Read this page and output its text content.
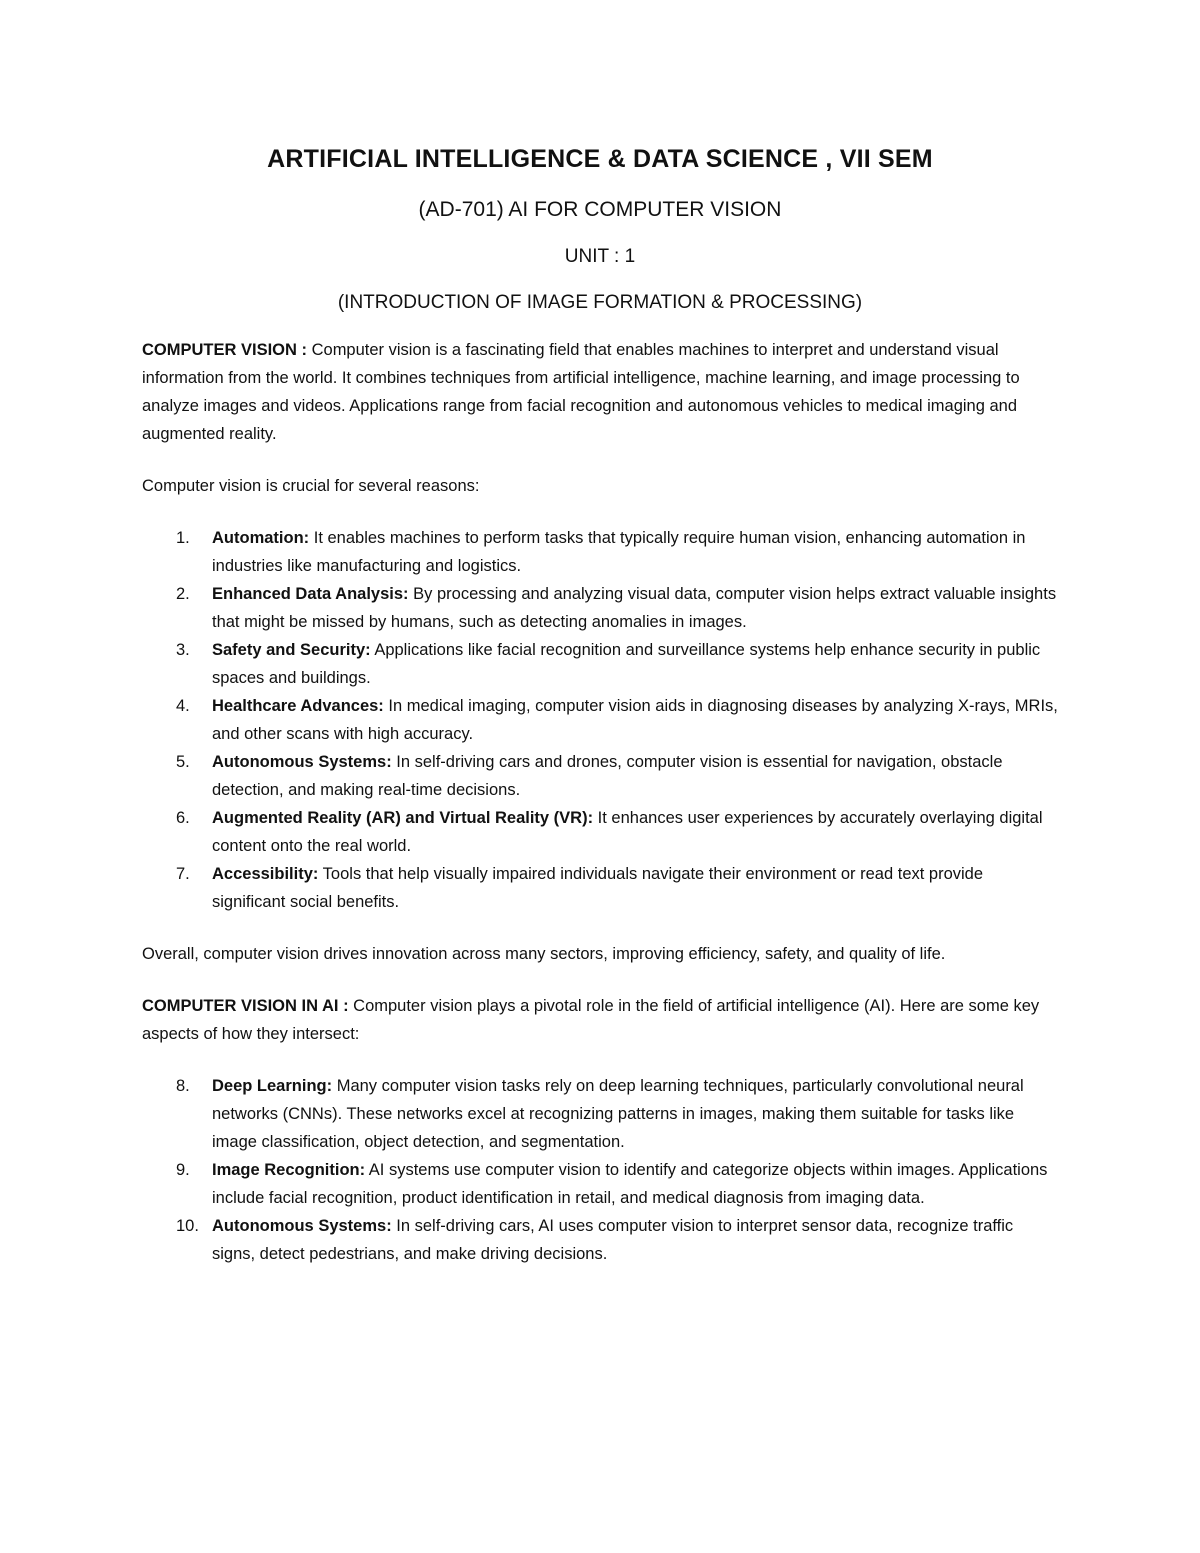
ARTIFICIAL INTELLIGENCE & DATA SCIENCE , VII SEM
(AD-701) AI FOR COMPUTER VISION
UNIT : 1
(INTRODUCTION OF IMAGE FORMATION & PROCESSING)

COMPUTER VISION : Computer vision is a fascinating field that enables machines to interpret and understand visual information from the world. It combines techniques from artificial intelligence, machine learning, and image processing to analyze images and videos. Applications range from facial recognition and autonomous vehicles to medical imaging and augmented reality.

Computer vision is crucial for several reasons:

1.	Automation: It enables machines to perform tasks that typically require human vision, enhancing automation in industries like manufacturing and logistics.
2.	Enhanced Data Analysis: By processing and analyzing visual data, computer vision helps extract valuable insights that might be missed by humans, such as detecting anomalies in images.
3.	Safety and Security: Applications like facial recognition and surveillance systems help enhance security in public spaces and buildings.
4.	Healthcare Advances: In medical imaging, computer vision aids in diagnosing diseases by analyzing X-rays, MRIs, and other scans with high accuracy.
5.	Autonomous Systems: In self-driving cars and drones, computer vision is essential for navigation, obstacle detection, and making real-time decisions.
6.	Augmented Reality (AR) and Virtual Reality (VR): It enhances user experiences by accurately overlaying digital content onto the real world.
7.	Accessibility: Tools that help visually impaired individuals navigate their environment or read text provide significant social benefits.

Overall, computer vision drives innovation across many sectors, improving efficiency, safety, and quality of life.

COMPUTER VISION IN AI : Computer vision plays a pivotal role in the field of artificial intelligence (AI). Here are some key aspects of how they intersect:

8.	Deep Learning: Many computer vision tasks rely on deep learning techniques, particularly convolutional neural networks (CNNs). These networks excel at recognizing patterns in images, making them suitable for tasks like image classification, object detection, and segmentation.
9.	Image Recognition: AI systems use computer vision to identify and categorize objects within images. Applications include facial recognition, product identification in retail, and medical diagnosis from imaging data.
10. Autonomous Systems: In self-driving cars, AI uses computer vision to interpret sensor data, recognize traffic signs, detect pedestrians, and make driving decisions.
